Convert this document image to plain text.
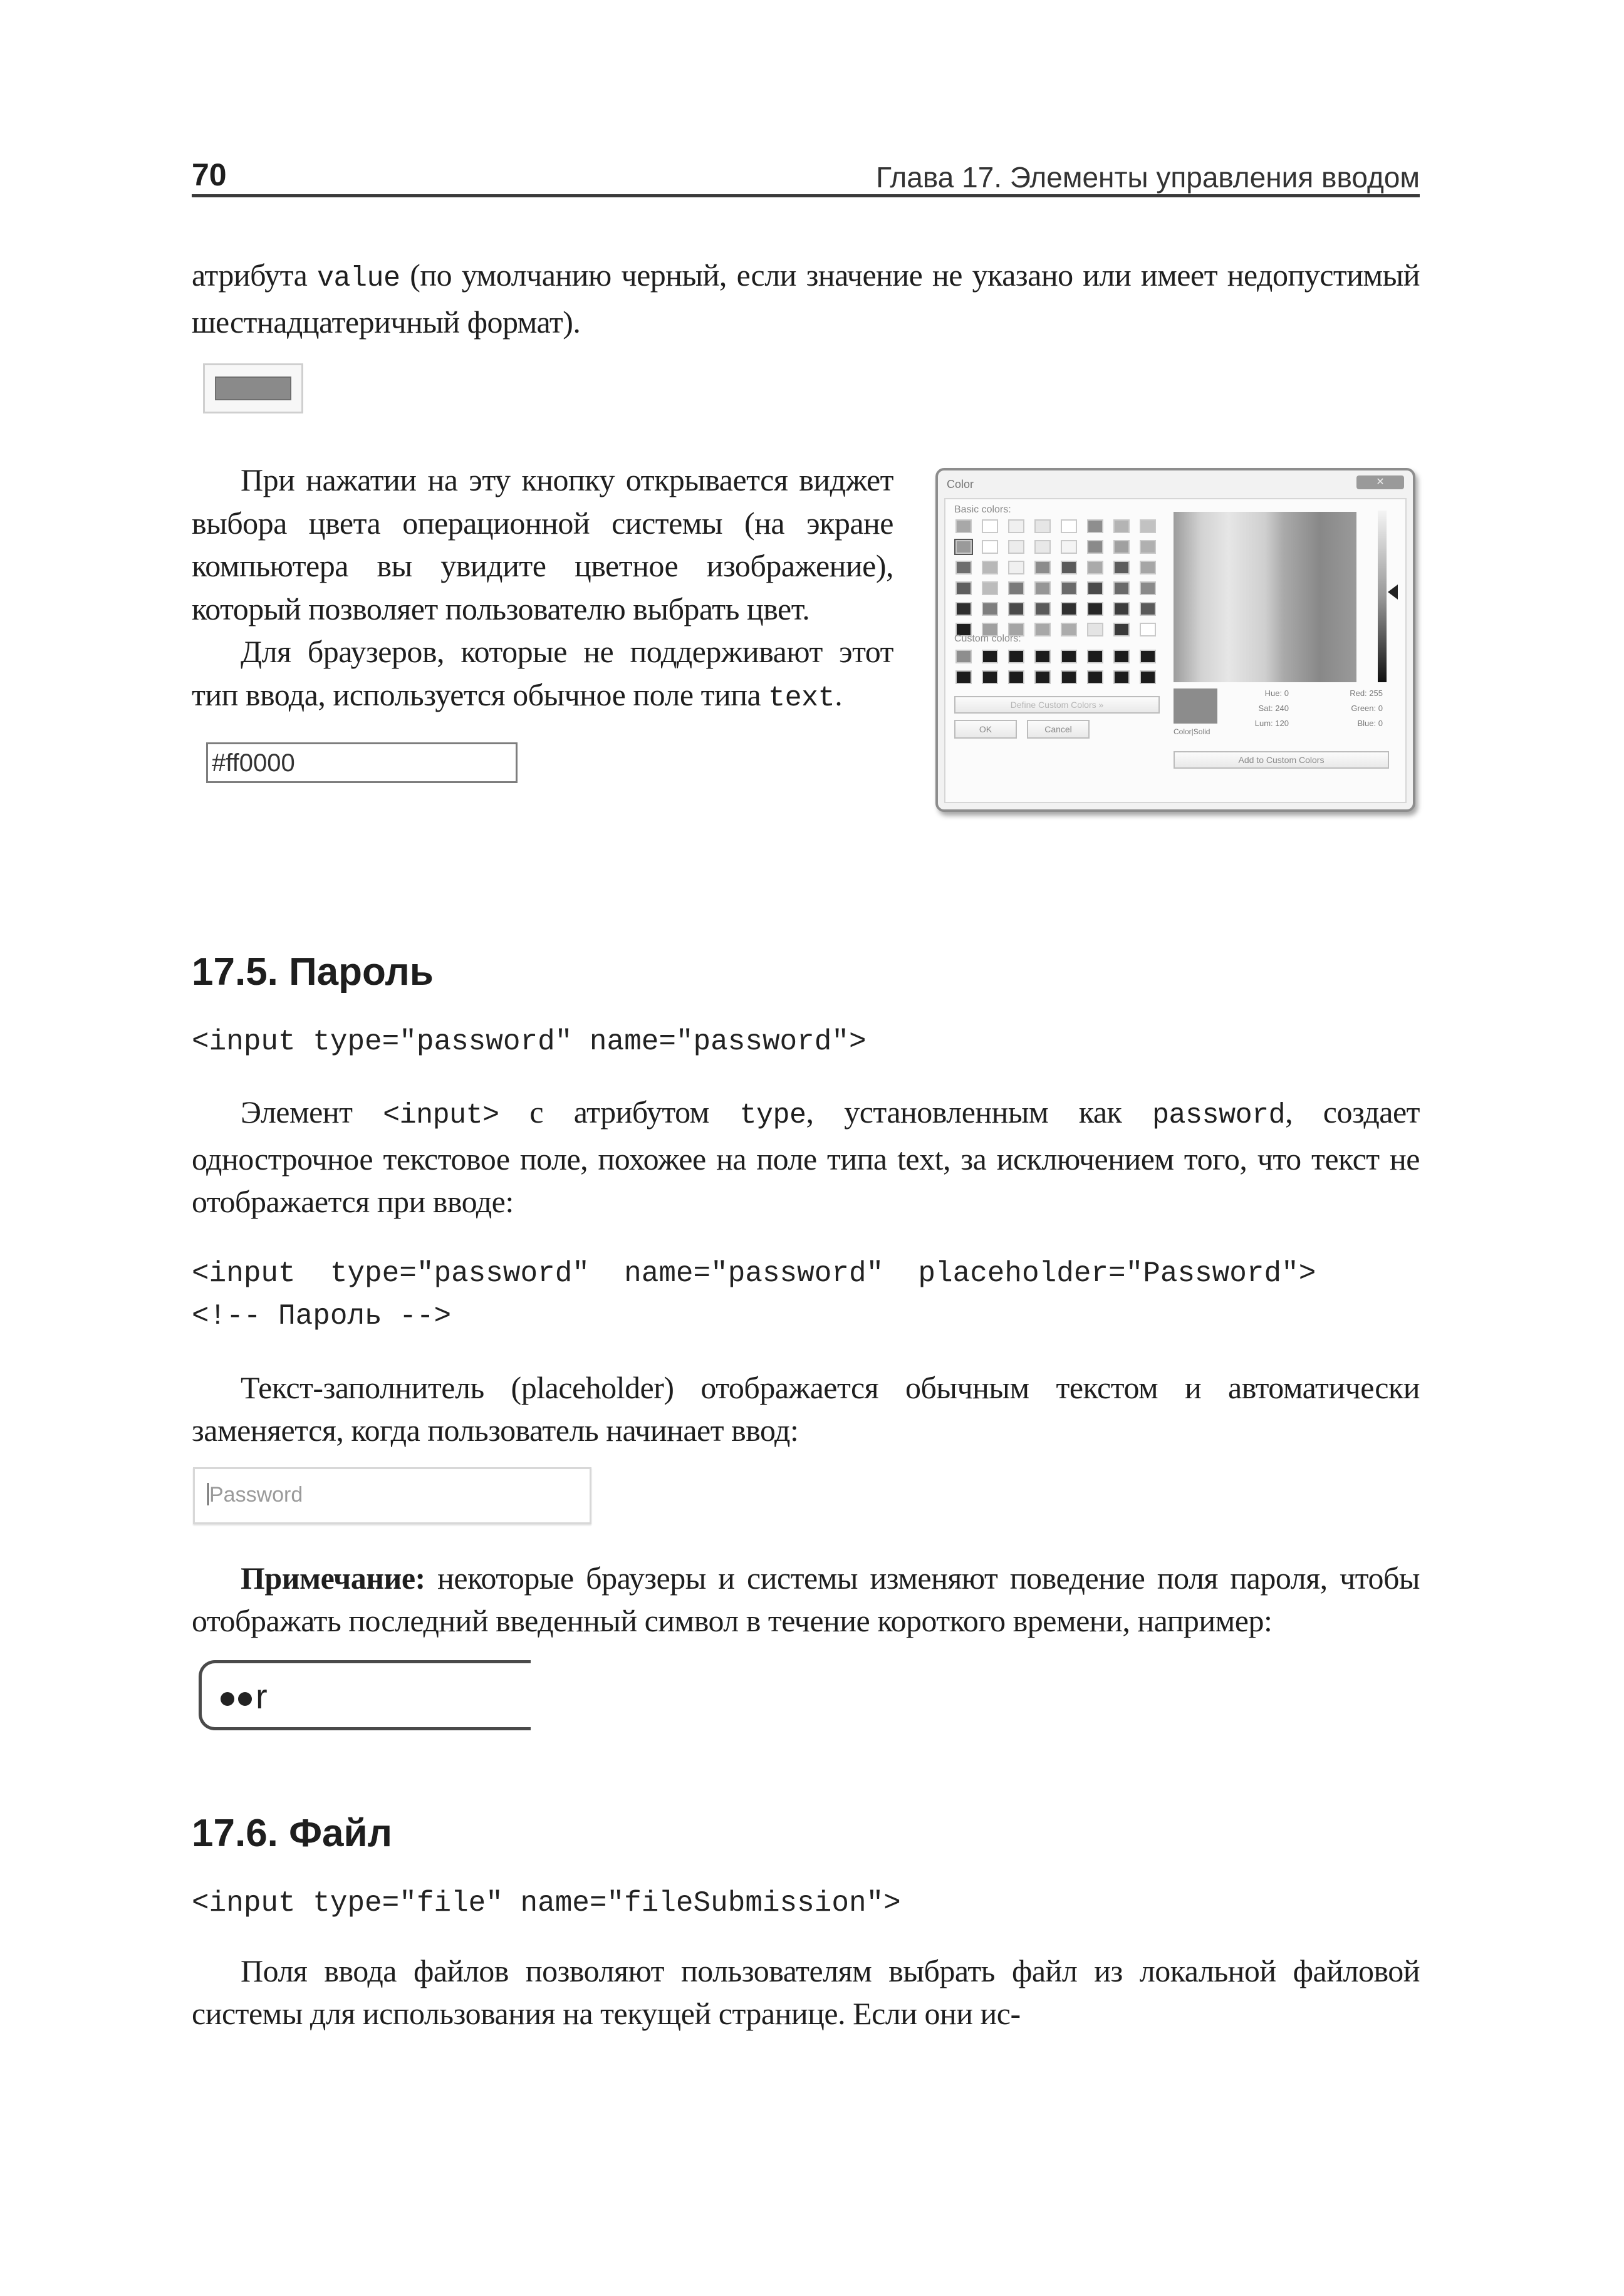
70	Глава 17. Элементы управления вводом
атрибута value (по умолчанию черный, если значение не указано или имеет недопустимый шестнадцатеричный формат).
При нажатии на эту кнопку открывается виджет выбора цвета операционной системы (на экране компьютера вы увидите цветное изображение), который позволяет пользователю выбрать цвет.
Для браузеров, которые не поддерживают этот тип ввода, используется обычное поле типа text.
#ff0000
Color	✕
Basic colors:
Custom colors:
Define Custom Colors »
OK	Cancel	Color|Solid
Hue: 0	Red: 255
Sat: 240	Green: 0
Lum: 120	Blue: 0
Add to Custom Colors
17.5. Пароль
<input type="password" name="password">
Элемент <input> с атрибутом type, установленным как password, создает однострочное текстовое поле, похожее на поле типа text, за исключением того, что текст не отображается при вводе:
<input  type="password"  name="password"  placeholder="Password">
<!-- Пароль -->
Текст-заполнитель (placeholder) отображается обычным текстом и автоматически заменяется, когда пользователь начинает ввод:
Password
Примечание: некоторые браузеры и системы изменяют поведение поля пароля, чтобы отображать последний введенный символ в течение короткого времени, например:
r
17.6. Файл
<input type="file" name="fileSubmission">
Поля ввода файлов позволяют пользователям выбрать файл из локальной файловой системы для использования на текущей странице. Если они ис-
